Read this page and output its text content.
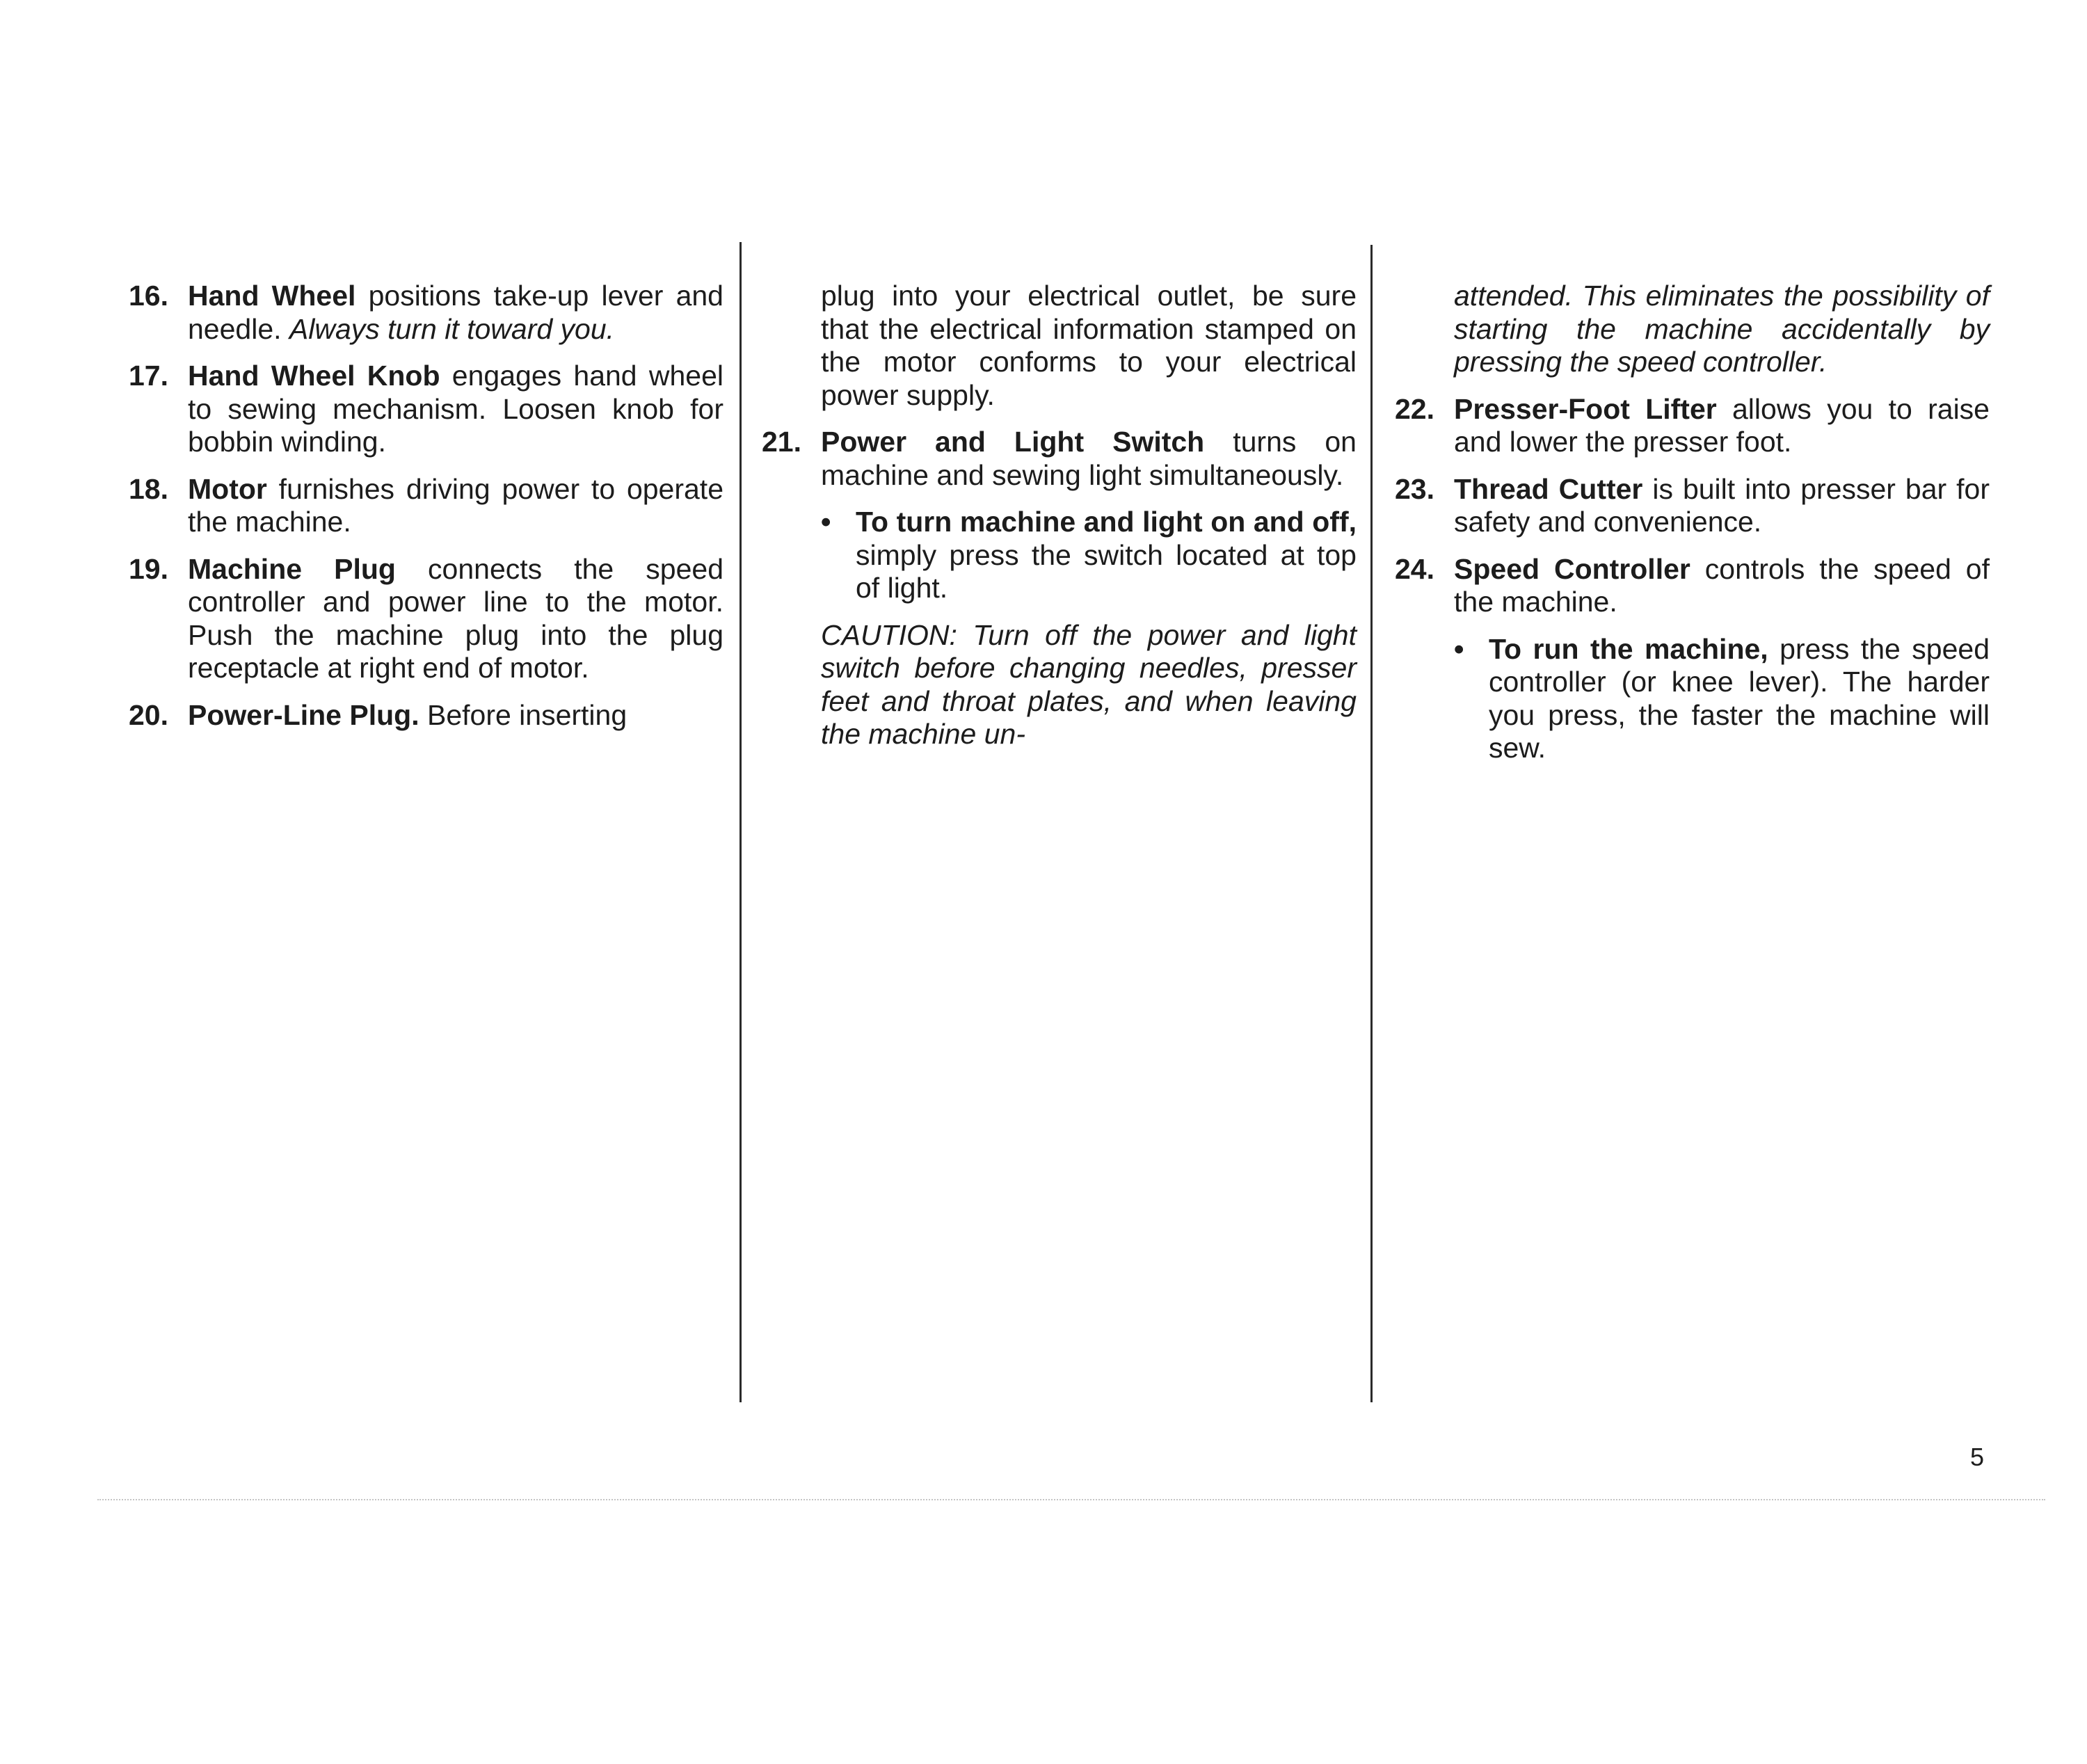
16. Hand Wheel positions take-up lever and needle. Always turn it toward you.
17. Hand Wheel Knob engages hand wheel to sewing mechanism. Loosen knob for bobbin winding.
18. Motor furnishes driving power to operate the machine.
19. Machine Plug connects the speed controller and power line to the motor. Push the machine plug into the plug receptacle at right end of motor.
20. Power-Line Plug. Before inserting
plug into your electrical outlet, be sure that the electrical information stamped on the motor conforms to your electrical power supply.
21. Power and Light Switch turns on machine and sewing light simultaneously.
• To turn machine and light on and off, simply press the switch located at top of light.
CAUTION: Turn off the power and light switch before changing needles, presser feet and throat plates, and when leaving the machine un-
attended. This eliminates the possibility of starting the machine accidentally by pressing the speed controller.
22. Presser-Foot Lifter allows you to raise and lower the presser foot.
23. Thread Cutter is built into presser bar for safety and convenience.
24. Speed Controller controls the speed of the machine.
• To run the machine, press the speed controller (or knee lever). The harder you press, the faster the machine will sew.
5
